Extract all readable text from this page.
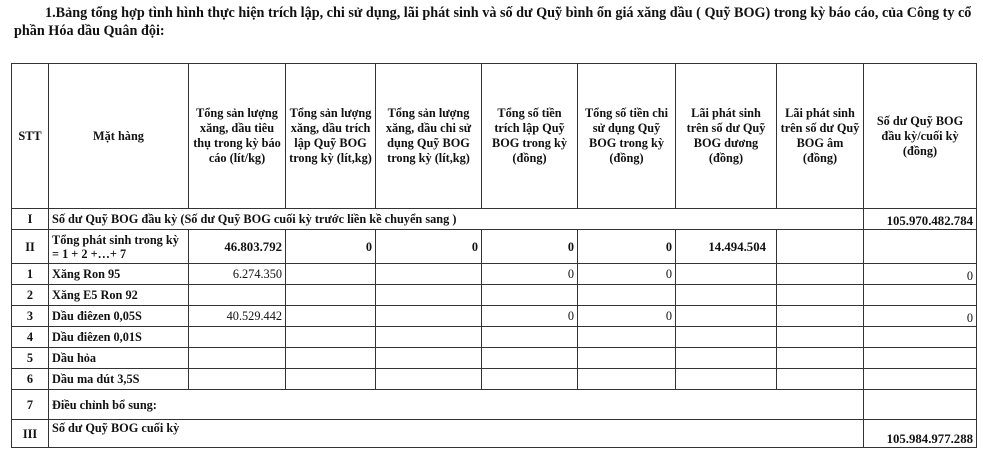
1.Bảng tổng hợp tình hình thực hiện trích lập, chi sử dụng, lãi phát sinh và số dư Quỹ bình ổn giá xăng dầu ( Quỹ BOG) trong kỳ báo cáo, của Công ty cổ phần Hóa dầu Quân đội:
STT	Mặt hàng	Tổng sản lượng xăng, dầu tiêu thụ trong kỳ báo cáo (lít/kg)	Tổng sản lượng xăng, dầu trích lập Quỹ BOG trong kỳ (lít,kg)	Tổng sản lượng xăng, dầu chi sử dụng Quỹ BOG trong kỳ (lít,kg)	Tổng số tiền trích lập Quỹ BOG trong kỳ (đồng)	Tổng số tiền chi sử dụng Quỹ BOG trong kỳ (đồng)	Lãi phát sinh trên số dư Quỹ BOG dương (đồng)	Lãi phát sinh trên số dư Quỹ BOG âm (đồng)	Số dư Quỹ BOG đầu kỳ/cuối kỳ (đồng)
I	Số dư Quỹ BOG đầu kỳ (Số dư Quỹ BOG cuối kỳ trước liền kề chuyển sang )								105.970.482.784
II	Tổng phát sinh trong kỳ = 1 + 2 +…+ 7	46.803.792	0	0	0	0	14.494.504		
1	Xăng Ron 95	6.274.350			0	0			0
2	Xăng E5 Ron 92								
3	Dầu điêzen 0,05S	40.529.442			0	0			0
4	Dầu điêzen 0,01S								
5	Dầu hỏa								
6	Dầu ma dút 3,5S								
7	Điều chỉnh bổ sung:								
III	Số dư Quỹ BOG cuối kỳ								105.984.977.288
